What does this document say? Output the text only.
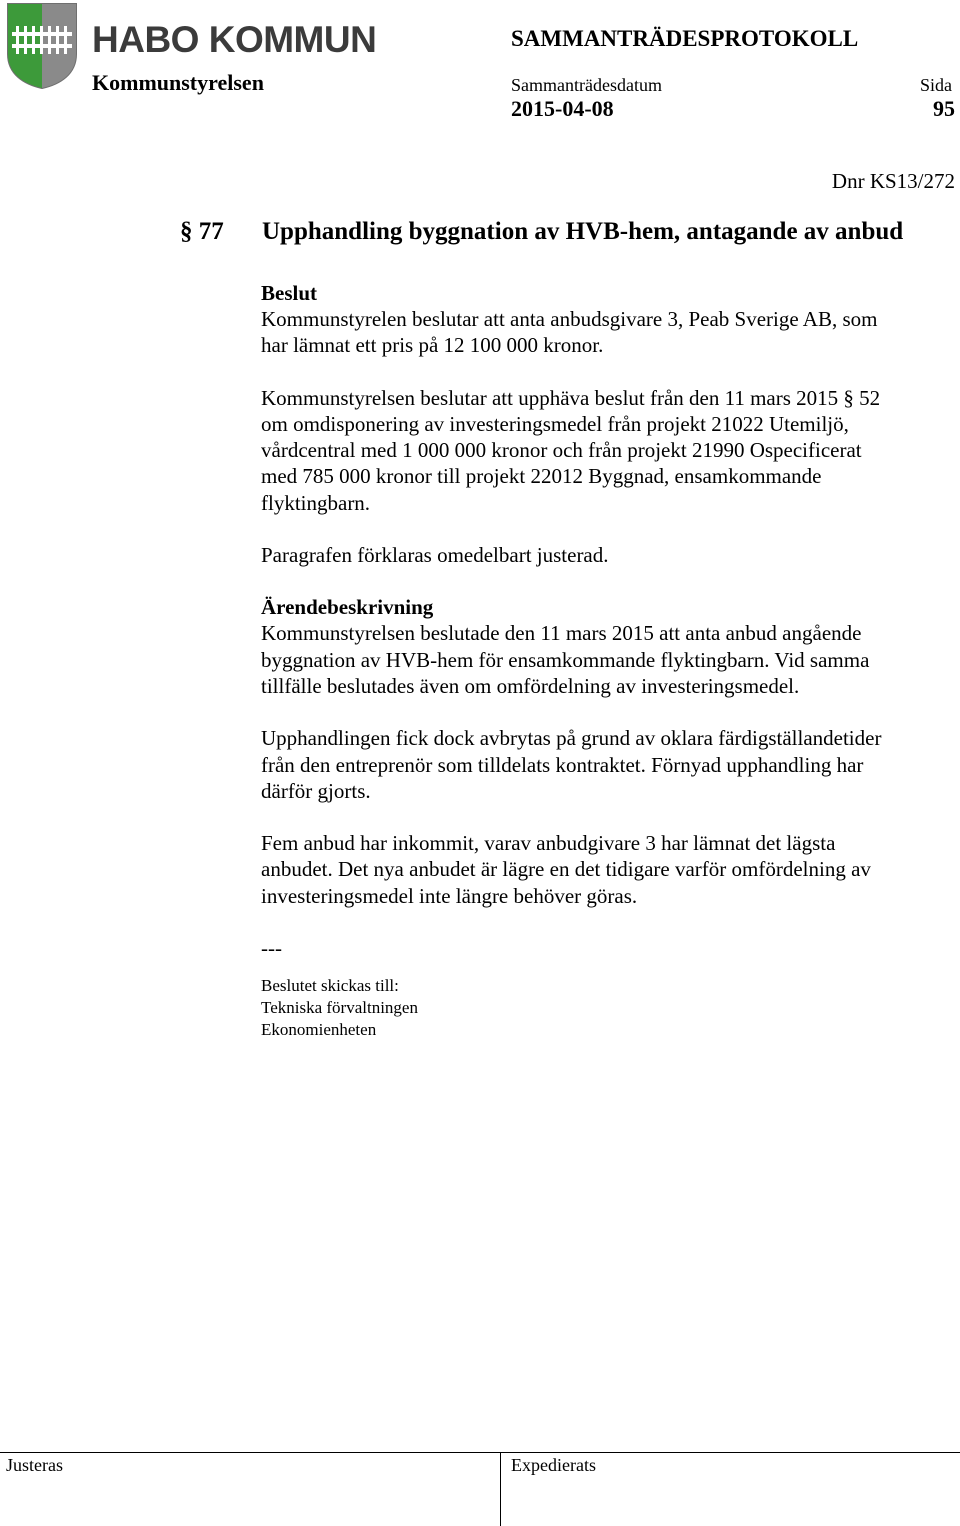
HABO KOMMUN	SAMMANTRÄDESPROTOKOLL
Kommunstyrelsen	Sammanträdesdatum	Sida
2015-04-08	95
Dnr KS13/272
§ 77 Upphandling byggnation av HVB-hem, antagande av anbud
Beslut
Kommunstyrelen beslutar att anta anbudsgivare 3, Peab Sverige AB, som
har lämnat ett pris på 12 100 000 kronor.
Kommunstyrelsen beslutar att upphäva beslut från den 11 mars 2015 § 52
om omdisponering av investeringsmedel från projekt 21022 Utemiljö,
vårdcentral med 1 000 000 kronor och från projekt 21990 Ospecificerat
med 785 000 kronor till projekt 22012 Byggnad, ensamkommande
flyktingbarn.
Paragrafen förklaras omedelbart justerad.
Ärendebeskrivning
Kommunstyrelsen beslutade den 11 mars 2015 att anta anbud angående
byggnation av HVB-hem för ensamkommande flyktingbarn. Vid samma
tillfälle beslutades även om omfördelning av investeringsmedel.
Upphandlingen fick dock avbrytas på grund av oklara färdigställandetider
från den entreprenör som tilldelats kontraktet. Förnyad upphandling har
därför gjorts.
Fem anbud har inkommit, varav anbudgivare 3 har lämnat det lägsta
anbudet. Det nya anbudet är lägre en det tidigare varför omfördelning av
investeringsmedel inte längre behöver göras.
---
Beslutet skickas till:
Tekniska förvaltningen
Ekonomienheten
Justeras	Expedierats
